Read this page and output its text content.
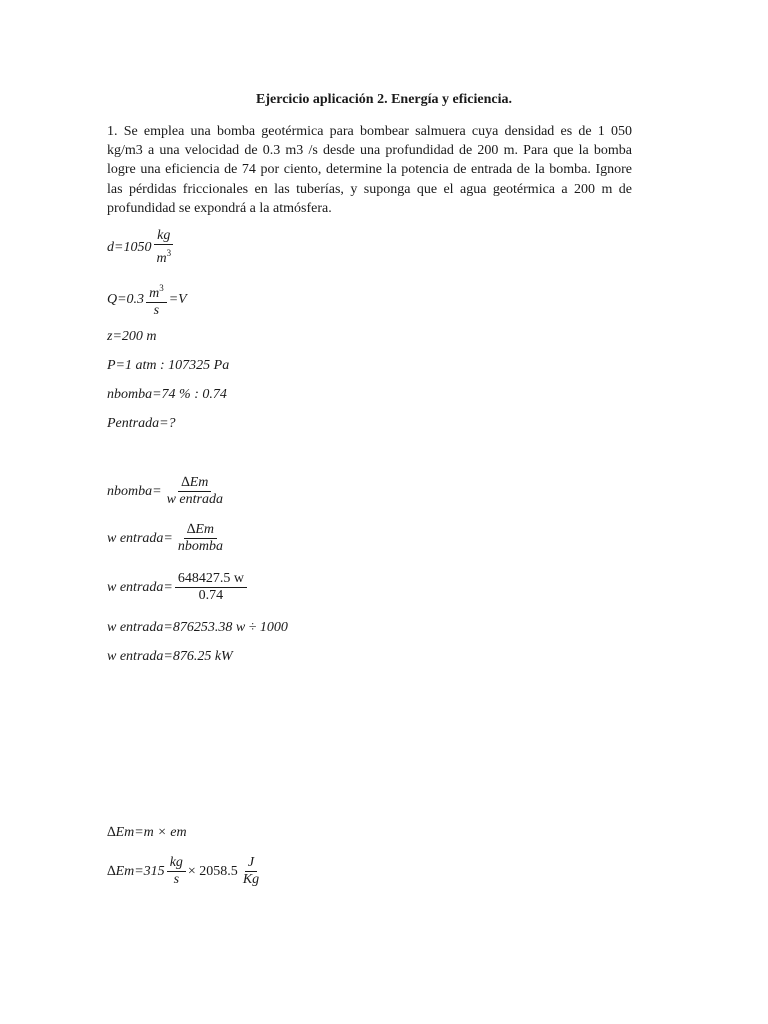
Ejercicio aplicación 2. Energía y eficiencia.
1. Se emplea una bomba geotérmica para bombear salmuera cuya densidad es de 1 050 kg/m3 a una velocidad de 0.3 m3 /s desde una profundidad de 200 m. Para que la bomba logre una eficiencia de 74 por ciento, determine la potencia de entrada de la bomba. Ignore las pérdidas friccionales en las tuberías, y suponga que el agua geotérmica a 200 m de profundidad se expondrá a la atmósfera.
$d=1050 \frac{kg}{m^3}$
$Q=0.3 \frac{m^3}{s} =V$
z=200 m
P=1 atm : 107325 Pa
nbomba=74 % : 0.74
Pentrada=?
nbomba= $\frac{\Delta Em}{\text{w entrada}}$
w entrada= $\frac{\Delta Em}{\text{nbomba}}$
w entrada= $\frac{648427.5 w}{0.74}$
w entrada=876253.38 w ÷ 1000
w entrada=876.25 kW
∆Em=m × em
$\Delta Em=315 \frac{kg}{s} \times 2058.5 \frac{J}{Kg}$
